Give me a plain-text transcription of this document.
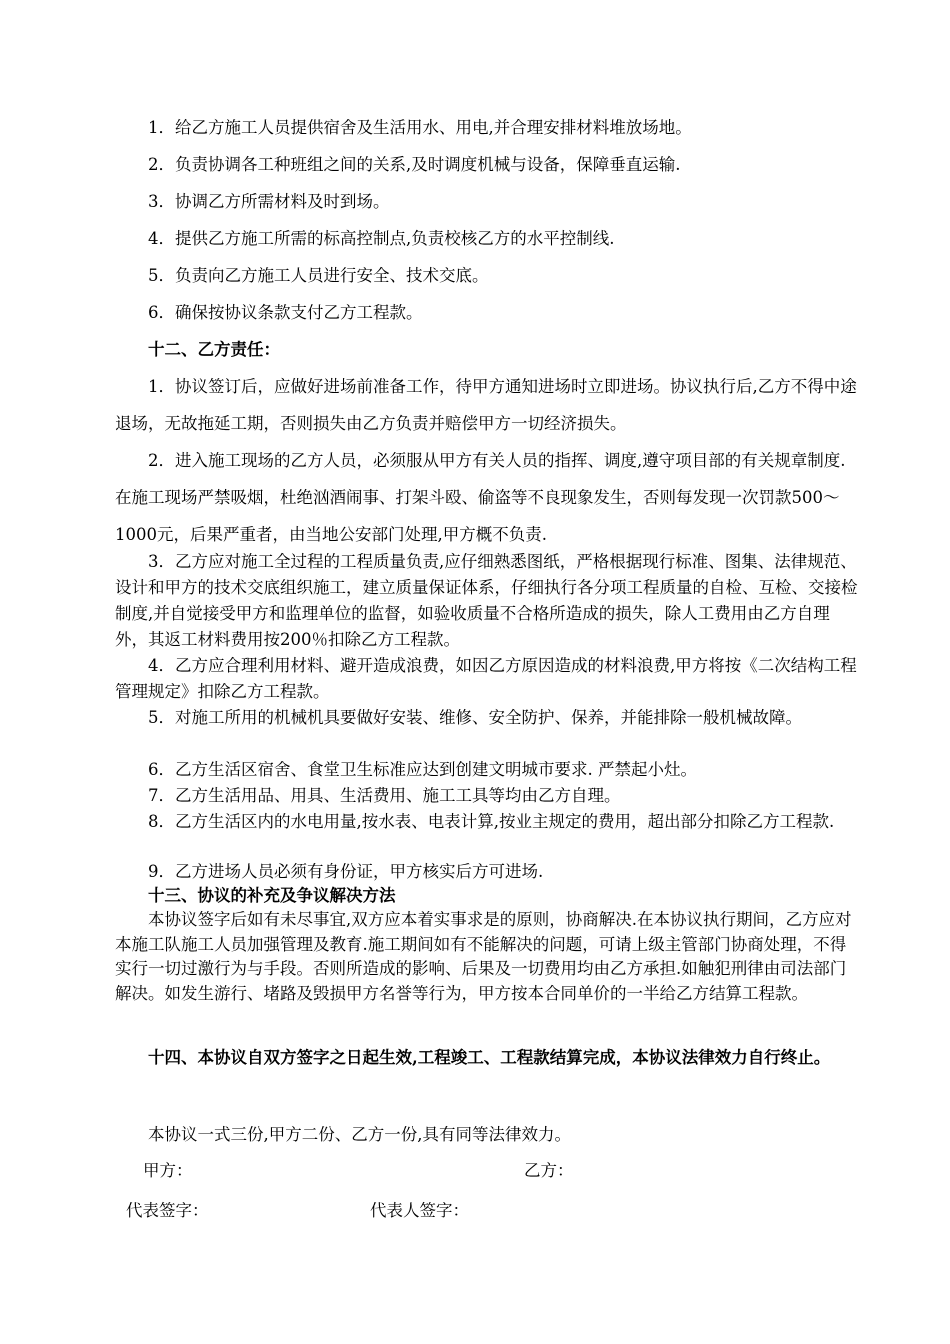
1．给乙方施工人员提供宿舍及生活用水、用电,并合理安排材料堆放场地。

2．负责协调各工种班组之间的关系,及时调度机械与设备，保障垂直运输.

3．协调乙方所需材料及时到场。

4．提供乙方施工所需的标高控制点,负责校核乙方的水平控制线.

5．负责向乙方施工人员进行安全、技术交底。

6．确保按协议条款支付乙方工程款。

十二、乙方责任：

1．协议签订后，应做好进场前准备工作，待甲方通知进场时立即进场。协议执行后,乙方不得中途退场，无故拖延工期，否则损失由乙方负责并赔偿甲方一切经济损失。

2．进入施工现场的乙方人员，必须服从甲方有关人员的指挥、调度,遵守项目部的有关规章制度.在施工现场严禁吸烟，杜绝汹酒闹事、打架斗殴、偷盗等不良现象发生，否则每发现一次罚款500～1000元，后果严重者，由当地公安部门处理,甲方概不负责.

3．乙方应对施工全过程的工程质量负责,应仔细熟悉图纸，严格根据现行标准、图集、法律规范、设计和甲方的技术交底组织施工，建立质量保证体系，仔细执行各分项工程质量的自检、互检、交接检制度,并自觉接受甲方和监理单位的监督，如验收质量不合格所造成的损失，除人工费用由乙方自理外，其返工材料费用按200％扣除乙方工程款。

4．乙方应合理利用材料、避开造成浪费，如因乙方原因造成的材料浪费,甲方将按《二次结构工程管理规定》扣除乙方工程款。

5．对施工所用的机械机具要做好安装、维修、安全防护、保养，并能排除一般机械故障。

6．乙方生活区宿舍、食堂卫生标准应达到创建文明城市要求. 严禁起小灶。

7．乙方生活用品、用具、生活费用、施工工具等均由乙方自理。

8．乙方生活区内的水电用量,按水表、电表计算,按业主规定的费用，超出部分扣除乙方工程款.

9．乙方进场人员必须有身份证，甲方核实后方可进场.

十三、协议的补充及争议解决方法

本协议签字后如有未尽事宜,双方应本着实事求是的原则，协商解决.在本协议执行期间，乙方应对本施工队施工人员加强管理及教育.施工期间如有不能解决的问题，可请上级主管部门协商处理，不得实行一切过激行为与手段。否则所造成的影响、后果及一切费用均由乙方承担.如触犯刑律由司法部门解决。如发生游行、堵路及毁损甲方名誉等行为，甲方按本合同单价的一半给乙方结算工程款。

十四、本协议自双方签字之日起生效,工程竣工、工程款结算完成，本协议法律效力自行终止。

本协议一式三份,甲方二份、乙方一份,具有同等法律效力。

甲方：	乙方：
代表签字：	代表人签字：
